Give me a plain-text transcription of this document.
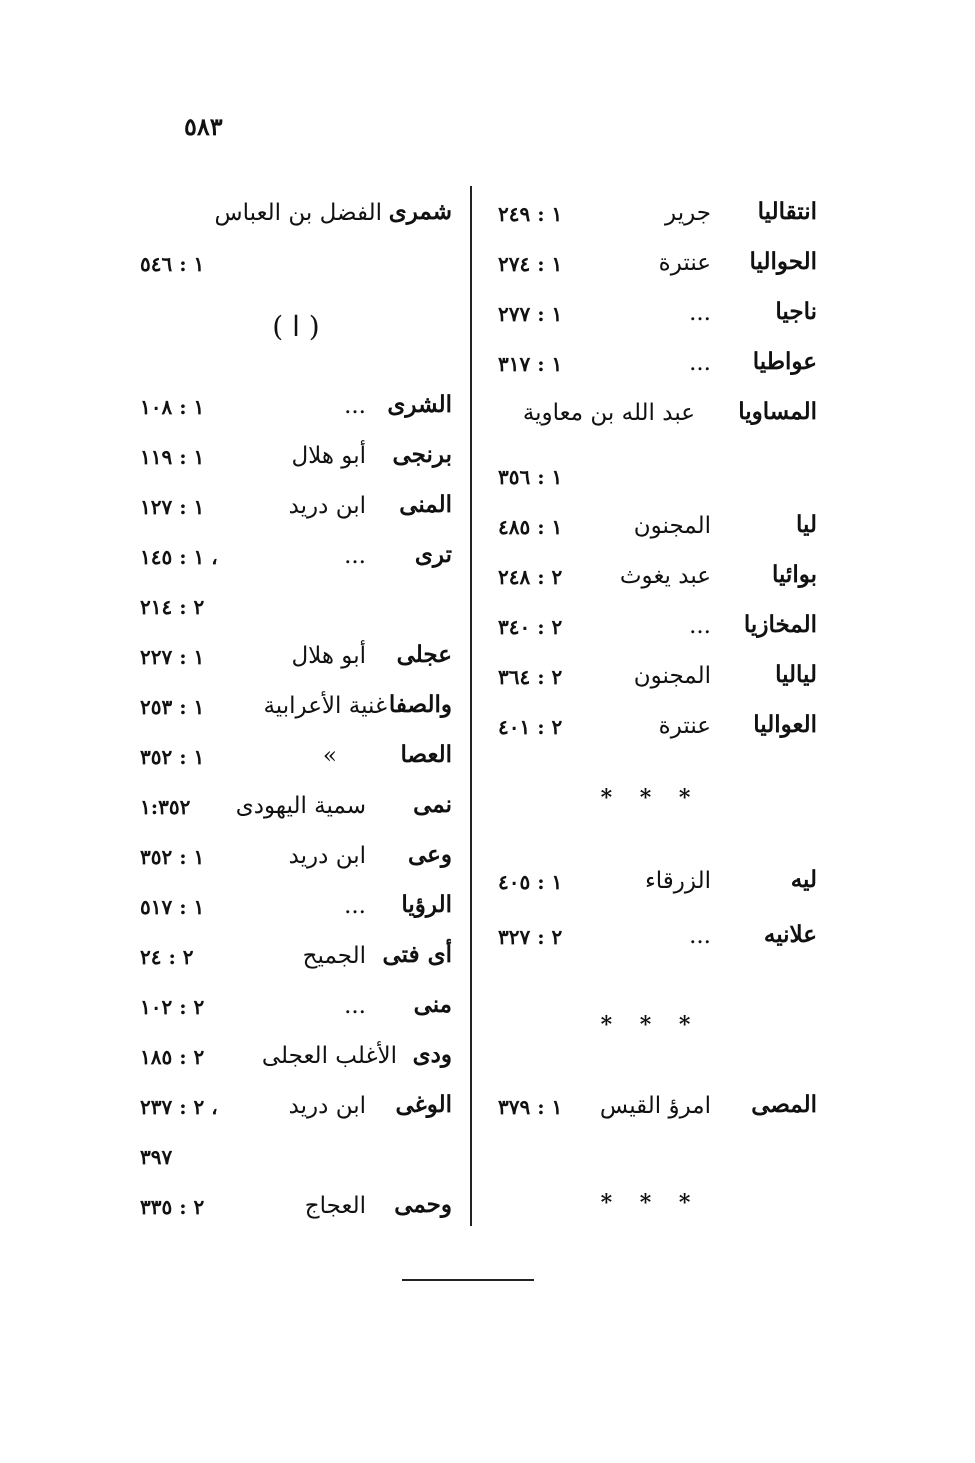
٥٨٣
انتقاليا
جرير
١ : ٢٤٩
الحواليا
عنترة
١ : ٢٧٤
ناجيا
...
١ : ٢٧٧
عواطيا
...
١ : ٣١٧
المساويا
عبد الله بن معاوية
١ : ٣٥٦
ليا
المجنون
١ : ٤٨٥
بوائيا
عبد يغوث
٢ : ٢٤٨
المخازيا
...
٢ : ٣٤٠
لياليا
المجنون
٢ : ٣٦٤
العواليا
عنترة
٢ : ٤٠١
* * *
ليه
الزرقاء
١ : ٤٠٥
علانيه
...
٢ : ٣٢٧
* * *
المصى
امرؤ القيس
١ : ٣٧٩
* * *
شمرى
الفضل بن العباس
١ : ٥٤٦
( ا )
الشرى
...
١ : ١٠٨
برنجى
أبو هلال
١ : ١١٩
المنى
ابن دريد
١ : ١٢٧
ترى
...
١ : ١٤٥ ،
٢ : ٢١٤
عجلى
أبو هلال
١ : ٢٢٧
والصفا
غنية الأعرابية
١ : ٢٥٣
العصا
»
١ : ٣٥٢
نمى
سمية اليهودى
١:٣٥٢
وعى
ابن دريد
١ : ٣٥٢
الرؤيا
...
١ : ٥١٧
أى فتى
الجميح
٢ : ٢٤
منى
...
٢ : ١٠٢
ودى
الأغلب العجلى
٢ : ١٨٥
الوغى
ابن دريد
٢ : ٢٣٧ ،
٣٩٧
وحمى
العجاج
٢ : ٣٣٥
